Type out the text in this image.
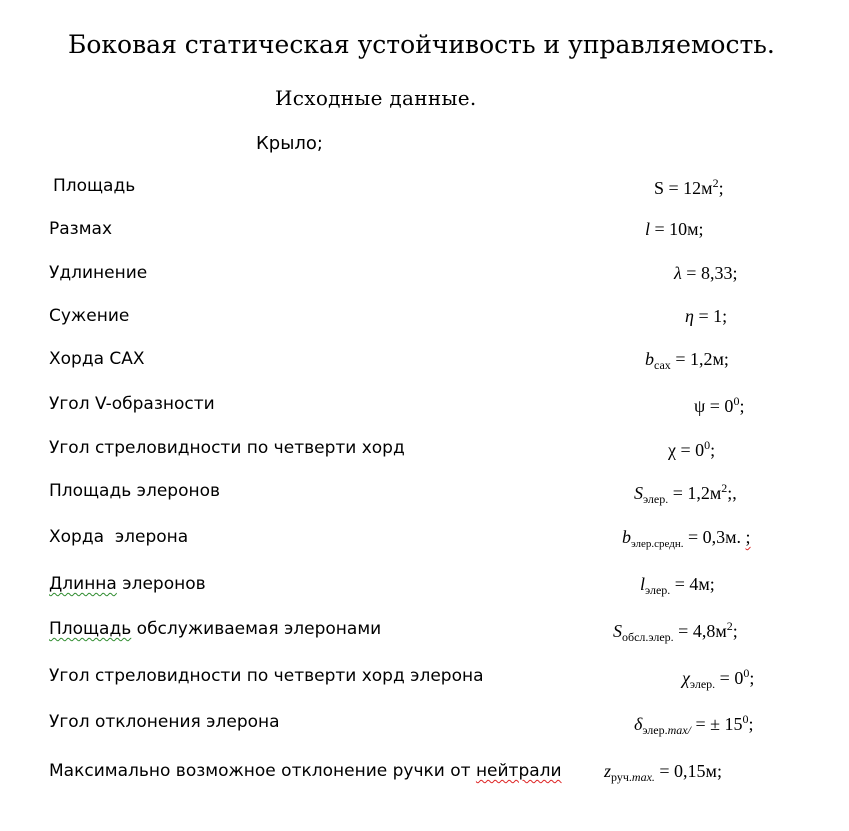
Боковая статическая устойчивость и управляемость.
Исходные данные.
Крыло;
Площадь	$S = 12м^2$;
Размах	l = 10м;
Удлинение	λ = 8,33;
Сужение	η = 1;
Хорда САХ	$b_{сах} = 1,2м$;
Угол V-образности	$\psi = 0^0$;
Угол стреловидности по четверти хорд	$\chi = 0^0$;
Площадь элеронов	$S_{элер.} = 1,2м^2$;,
Хорда  элерона	$b_{элер.средн.} = 0,3м$. ;
Длинна элеронов	$l_{элер.} = 4м$;
Площадь обслуживаемая элеронами	$S_{обсл.элер.} = 4,8м^2$;
Угол стреловидности по четверти хорд элерона	$\chi_{элер.} = 0^0$;
Угол отклонения элерона	$\delta_{элер.max/}$ = ± $15^0$;
Максимально возможное отклонение ручки от нейтрали $z_{руч.max.} = 0,15м$;
